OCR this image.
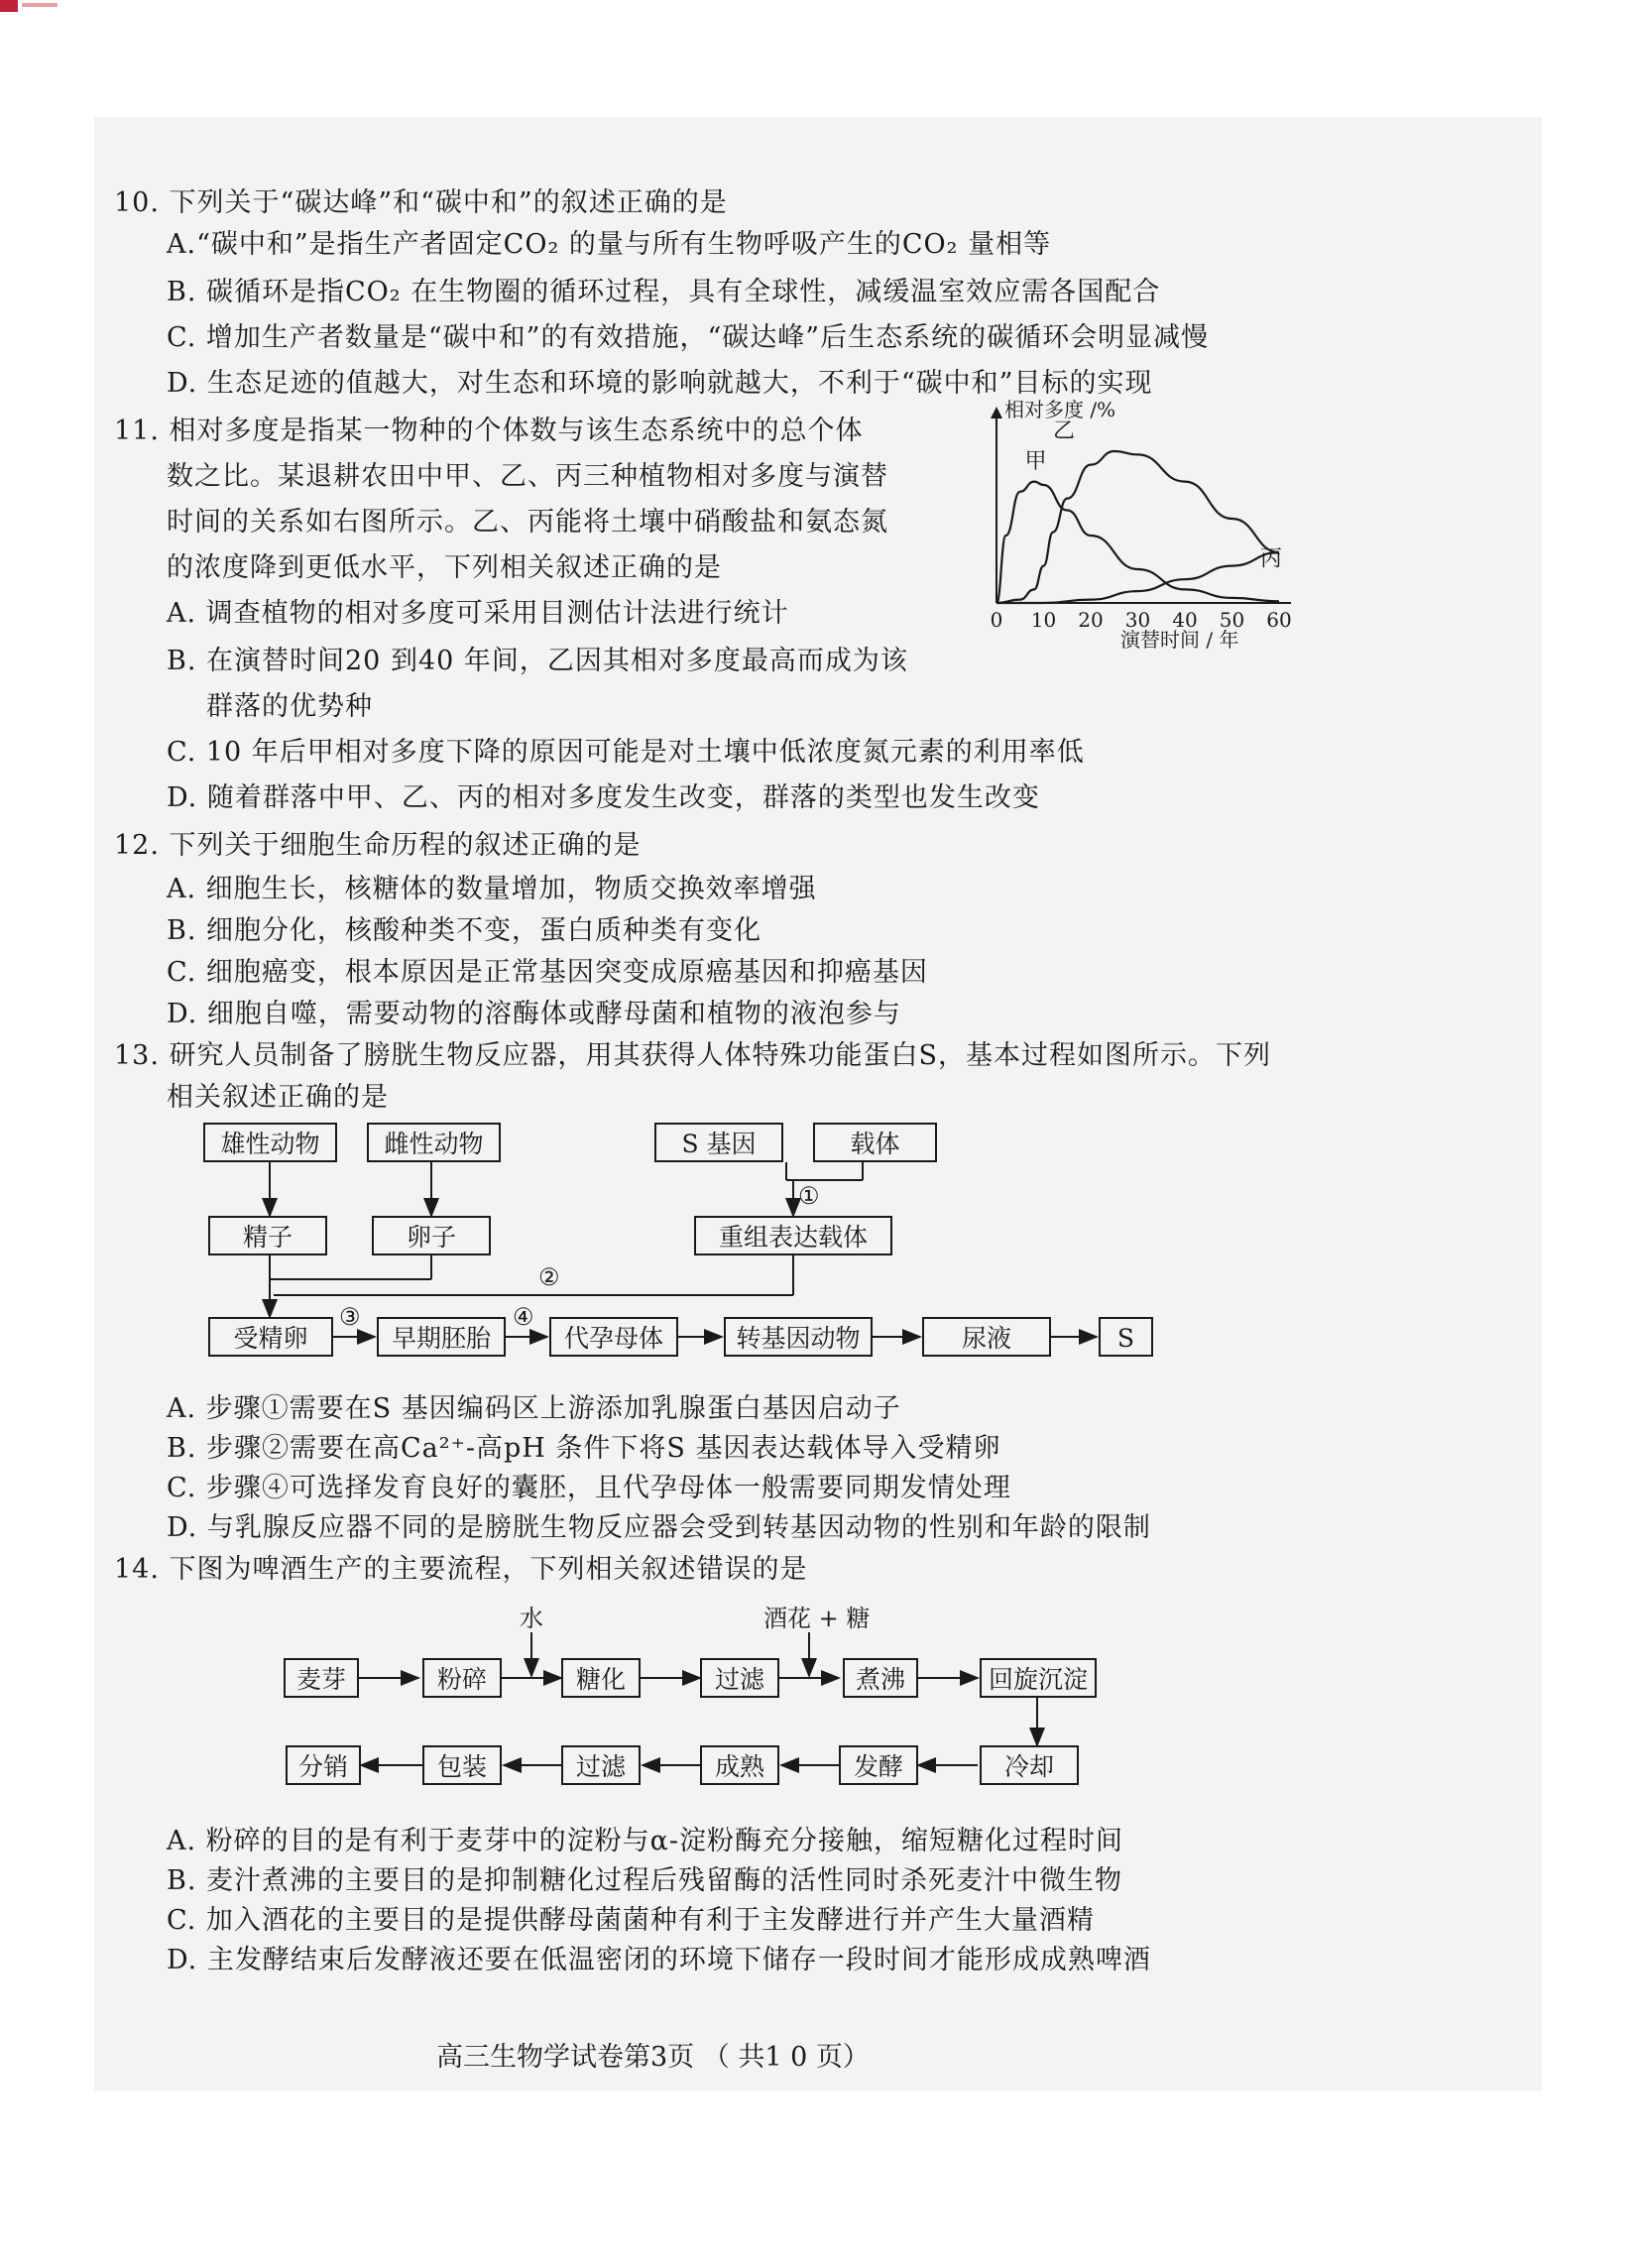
10. 下列关于“碳达峰”和“碳中和”的叙述正确的是
A.“碳中和”是指生产者固定CO₂ 的量与所有生物呼吸产生的CO₂ 量相等
B. 碳循环是指CO₂ 在生物圈的循环过程，具有全球性，减缓温室效应需各国配合
C. 增加生产者数量是“碳中和”的有效措施，“碳达峰”后生态系统的碳循环会明显减慢
D. 生态足迹的值越大，对生态和环境的影响就越大，不利于“碳中和”目标的实现
11. 相对多度是指某一物种的个体数与该生态系统中的总个体
数之比。某退耕农田中甲、乙、丙三种植物相对多度与演替
时间的关系如右图所示。乙、丙能将土壤中硝酸盐和氨态氮
的浓度降到更低水平，下列相关叙述正确的是
A. 调查植物的相对多度可采用目测估计法进行统计
B. 在演替时间20 到40 年间，乙因其相对多度最高而成为该
群落的优势种
C. 10 年后甲相对多度下降的原因可能是对土壤中低浓度氮元素的利用率低
D. 随着群落中甲、乙、丙的相对多度发生改变，群落的类型也发生改变
相对多度 /%
演替时间 / 年
0 10 20 30 40 50 60
甲
乙
丙
12. 下列关于细胞生命历程的叙述正确的是
A. 细胞生长，核糖体的数量增加，物质交换效率增强
B. 细胞分化，核酸种类不变，蛋白质种类有变化
C. 细胞癌变，根本原因是正常基因突变成原癌基因和抑癌基因
D. 细胞自噬，需要动物的溶酶体或酵母菌和植物的液泡参与
13. 研究人员制备了膀胱生物反应器，用其获得人体特殊功能蛋白S，基本过程如图所示。下列
相关叙述正确的是
雄性动物	雌性动物
精子	卵子
S 基因	载体
重组表达载体
受精卵	早期胚胎	代孕母体	转基因动物	尿液	S
①
②
③	④
A. 步骤①需要在S 基因编码区上游添加乳腺蛋白基因启动子
B. 步骤②需要在高Ca²⁺-高pH 条件下将S 基因表达载体导入受精卵
C. 步骤④可选择发育良好的囊胚，且代孕母体一般需要同期发情处理
D. 与乳腺反应器不同的是膀胱生物反应器会受到转基因动物的性别和年龄的限制
14. 下图为啤酒生产的主要流程，下列相关叙述错误的是
水	酒花 + 糖
麦芽	粉碎	糖化	过滤	煮沸	回旋沉淀
冷却
发酵
成熟
过滤
包装
分销
A. 粉碎的目的是有利于麦芽中的淀粉与α-淀粉酶充分接触，缩短糖化过程时间
B. 麦汁煮沸的主要目的是抑制糖化过程后残留酶的活性同时杀死麦汁中微生物
C. 加入酒花的主要目的是提供酵母菌菌种有利于主发酵进行并产生大量酒精
D. 主发酵结束后发酵液还要在低温密闭的环境下储存一段时间才能形成成熟啤酒
高三生物学试卷第3页 （ 共1 0 页）
